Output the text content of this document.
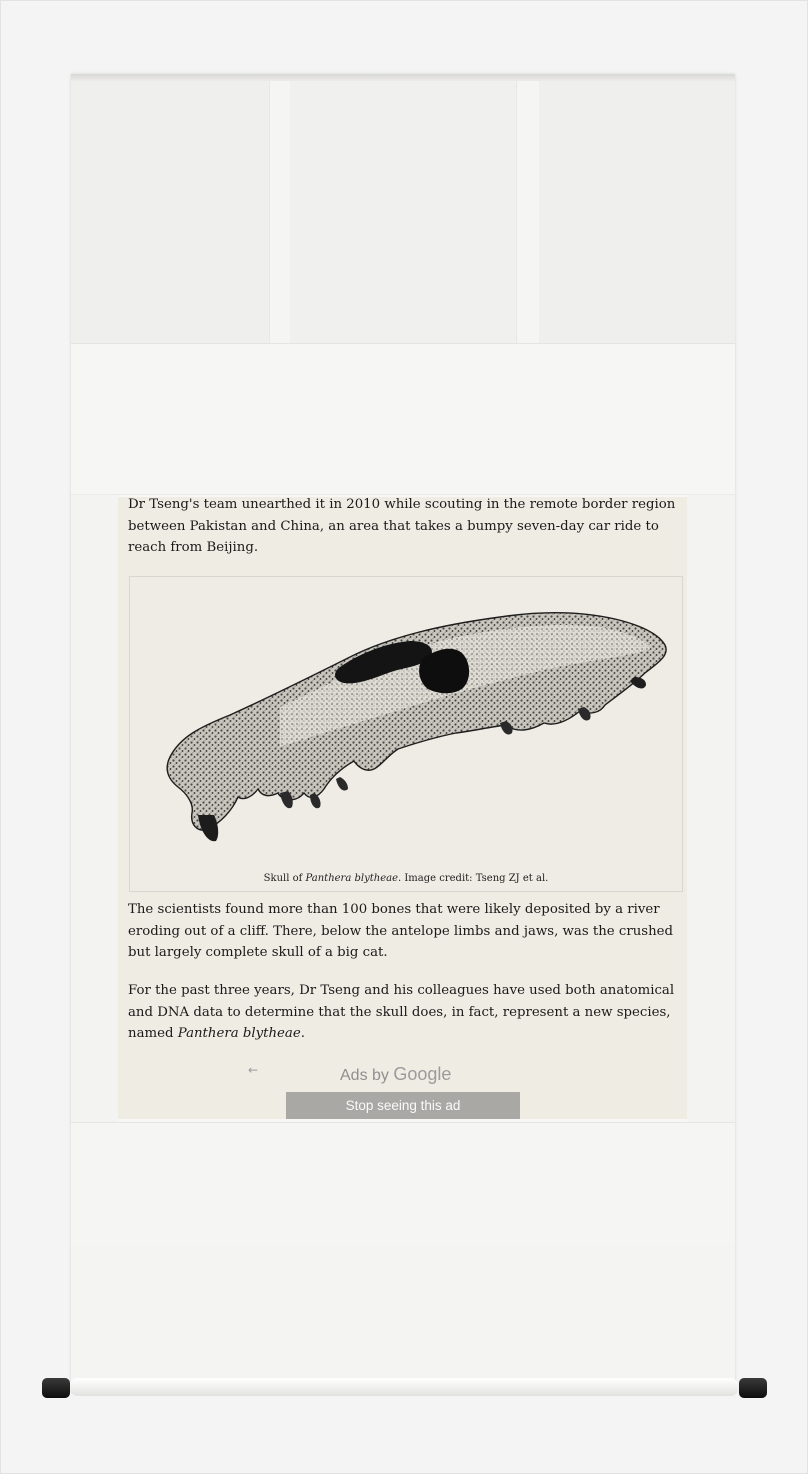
Dr Tseng's team unearthed it in 2010 while scouting in the remote border region between Pakistan and China, an area that takes a bumpy seven-day car ride to reach from Beijing.

Skull of Panthera blytheae. Image credit: Tseng ZJ et al.

The scientists found more than 100 bones that were likely deposited by a river eroding out of a cliff. There, below the antelope limbs and jaws, was the crushed but largely complete skull of a big cat.

For the past three years, Dr Tseng and his colleagues have used both anatomical and DNA data to determine that the skull does, in fact, represent a new species, named Panthera blytheae.

←	Ads by Google
Stop seeing this ad
